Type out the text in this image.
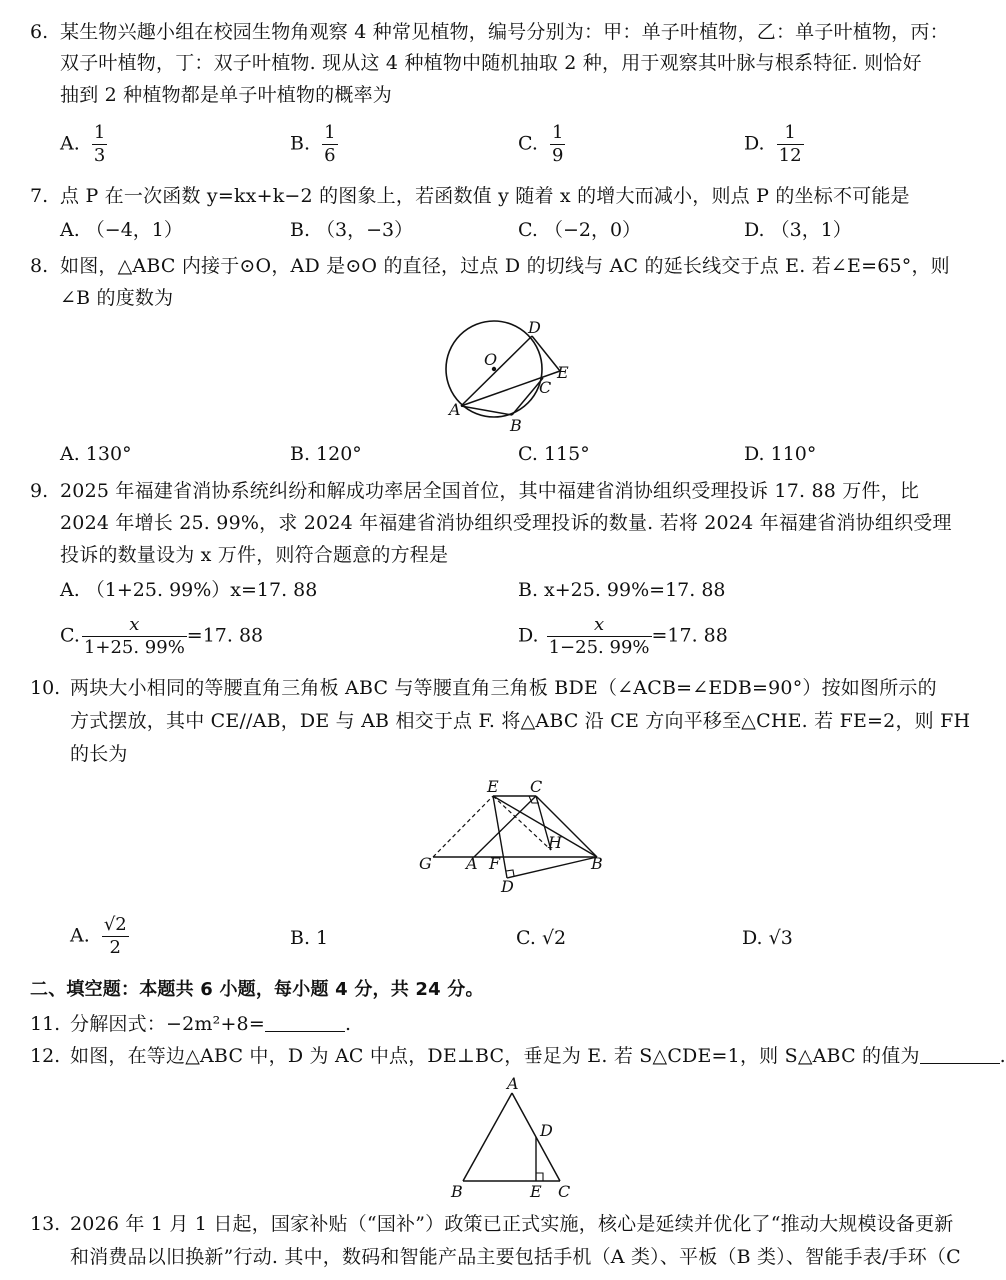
6. 某生物兴趣小组在校园生物角观察 4 种常见植物，编号分别为：甲：单子叶植物，乙：单子叶植物，丙：
双子叶植物，丁：双子叶植物. 现从这 4 种植物中随机抽取 2 种，用于观察其叶脉与根系特征. 则恰好
抽到 2 种植物都是单子叶植物的概率为
A. $\frac{1}{3}$	B. $\frac{1}{6}$	C. $\frac{1}{9}$	D. $\frac{1}{12}$
7. 点 P 在一次函数 y=kx+k−2 的图象上，若函数值 y 随着 x 的增大而减小，则点 P 的坐标不可能是
A. （−4，1）	B. （3，−3）	C. （−2，0）	D. （3，1）
8. 如图，△ABC 内接于⊙O，AD 是⊙O 的直径，过点 D 的切线与 AC 的延长线交于点 E. 若∠E=65°，则
∠B 的度数为
D
O
E
C
A
B
A. 130°	B. 120°	C. 115°	D. 110°
9. 2025 年福建省消协系统纠纷和解成功率居全国首位，其中福建省消协组织受理投诉 17. 88 万件，比
2024 年增长 25. 99%，求 2024 年福建省消协组织受理投诉的数量. 若将 2024 年福建省消协组织受理
投诉的数量设为 x 万件，则符合题意的方程是
A. （1+25. 99%）x=17. 88	B. x+25. 99%=17. 88
C. $\frac{x}{1+25. 99\%} =17$. 88	D. $\frac{x}{1-25. 99\%} =17$. 88
10. 两块大小相同的等腰直角三角板 ABC 与等腰直角三角板 BDE（∠ACB=∠EDB=90°）按如图所示的
方式摆放，其中 CE//AB，DE 与 AB 相交于点 F. 将△ABC 沿 CE 方向平移至△CHE. 若 FE=2，则 FH
的长为
E C
H
G A F	B
D
A. $\frac{√2}{2}$	B. 1	C. √2	D. √3
二、填空题：本题共 6 小题，每小题 4 分，共 24 分。
11. 分解因式：−2m²+8=	.
12. 如图，在等边△ABC 中，D 为 AC 中点，DE⊥BC，垂足为 E. 若 S△CDE=1，则 S△ABC 的值为	.
A
D
B	E C
13. 2026 年 1 月 1 日起，国家补贴（“国补”）政策已正式实施，核心是延续并优化了“推动大规模设备更新
和消费品以旧换新”行动. 其中，数码和智能产品主要包括手机（A 类）、平板（B 类）、智能手表/手环（C
